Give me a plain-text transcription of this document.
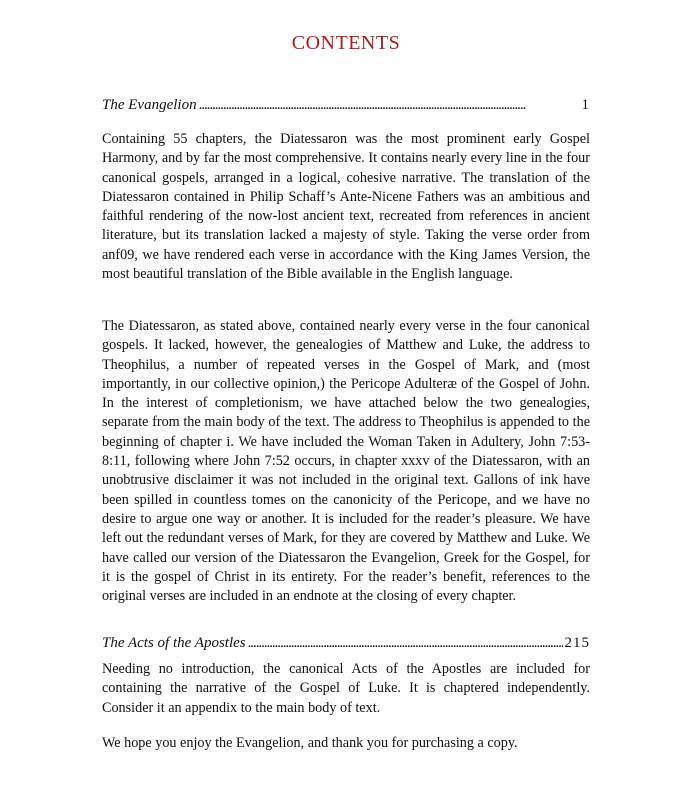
CONTENTS
The Evangelion . . .	1

Containing 55 chapters, the Diatessaron was the most prominent early Gospel Harmony, and by far the most comprehensive. It contains nearly every line in the four canonical gospels, arranged in a logical, cohesive narrative. The translation of the Diatessaron contained in Philip Schaff’s Ante-Nicene Fathers was an ambitious and faithful rendering of the now-lost ancient text, recreated from references in ancient literature, but its translation lacked a majesty of style. Taking the verse order from anf09, we have rendered each verse in accordance with the King James Version, the most beautiful translation of the Bible available in the English language.

The Diatessaron, as stated above, contained nearly every verse in the four canonical gospels. It lacked, however, the genealogies of Matthew and Luke, the address to Theophilus, a number of repeated verses in the Gospel of Mark, and (most importantly, in our collective opinion,) the Pericope Adulteræ of the Gospel of John. In the interest of completionism, we have attached below the two genealogies, separate from the main body of the text. The address to Theophilus is appended to the beginning of chapter i. We have included the Woman Taken in Adultery, John 7:53-8:11, following where John 7:52 occurs, in chapter xxxv of the Diatessaron, with an unobtrusive disclaimer it was not included in the original text. Gallons of ink have been spilled in countless tomes on the canonicity of the Pericope, and we have no desire to argue one way or another. It is included for the reader’s pleasure. We have left out the redundant verses of Mark, for they are covered by Matthew and Luke. We have called our version of the Diatessaron the Evangelion, Greek for the Gospel, for it is the gospel of Christ in its entirety. For the reader’s benefit, references to the original verses are included in an endnote at the closing of every chapter.

The Acts of the Apostles . . .	215

Needing no introduction, the canonical Acts of the Apostles are included for containing the narrative of the Gospel of Luke. It is chaptered independently. Consider it an appendix to the main body of text.

We hope you enjoy the Evangelion, and thank you for purchasing a copy.
